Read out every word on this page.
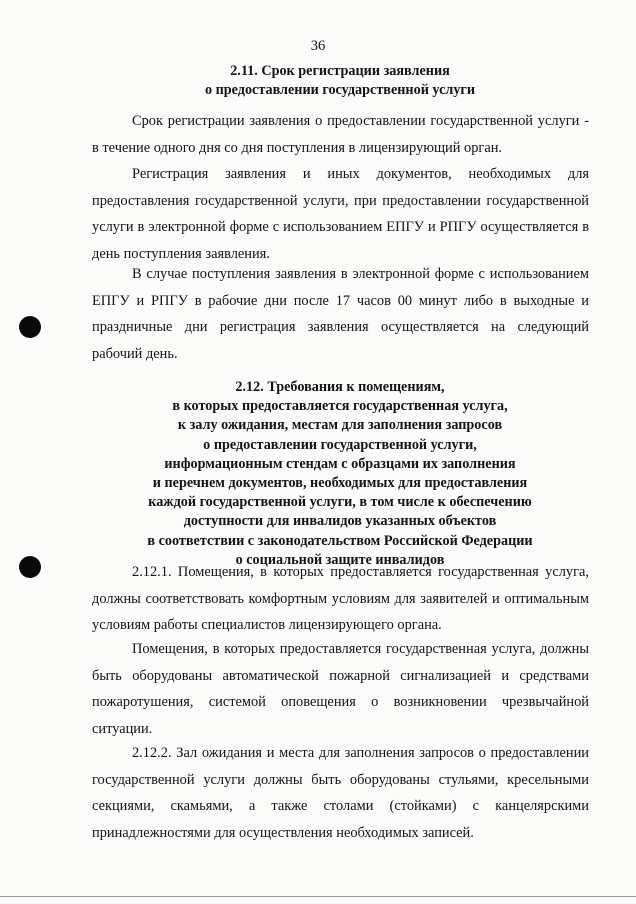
36
2.11. Срок регистрации заявления
о предоставлении государственной услуги
Срок регистрации заявления о предоставлении государственной услуги - в течение одного дня со дня поступления в лицензирующий орган.
Регистрация заявления и иных документов, необходимых для предоставления государственной услуги, при предоставлении государственной услуги в электронной форме с использованием ЕПГУ и РПГУ осуществляется в день поступления заявления.
В случае поступления заявления в электронной форме с использованием ЕПГУ и РПГУ в рабочие дни после 17 часов 00 минут либо в выходные и праздничные дни регистрация заявления осуществляется на следующий рабочий день.
2.12. Требования к помещениям,
в которых предоставляется государственная услуга,
к залу ожидания, местам для заполнения запросов
о предоставлении государственной услуги,
информационным стендам с образцами их заполнения
и перечнем документов, необходимых для предоставления
каждой государственной услуги, в том числе к обеспечению
доступности для инвалидов указанных объектов
в соответствии с законодательством Российской Федерации
о социальной защите инвалидов
2.12.1. Помещения, в которых предоставляется государственная услуга, должны соответствовать комфортным условиям для заявителей и оптимальным условиям работы специалистов лицензирующего органа.
Помещения, в которых предоставляется государственная услуга, должны быть оборудованы автоматической пожарной сигнализацией и средствами пожаротушения, системой оповещения о возникновении чрезвычайной ситуации.
2.12.2. Зал ожидания и места для заполнения запросов о предоставлении государственной услуги должны быть оборудованы стульями, кресельными секциями, скамьями, а также столами (стойками) с канцелярскими принадлежностями для осуществления необходимых записей.
